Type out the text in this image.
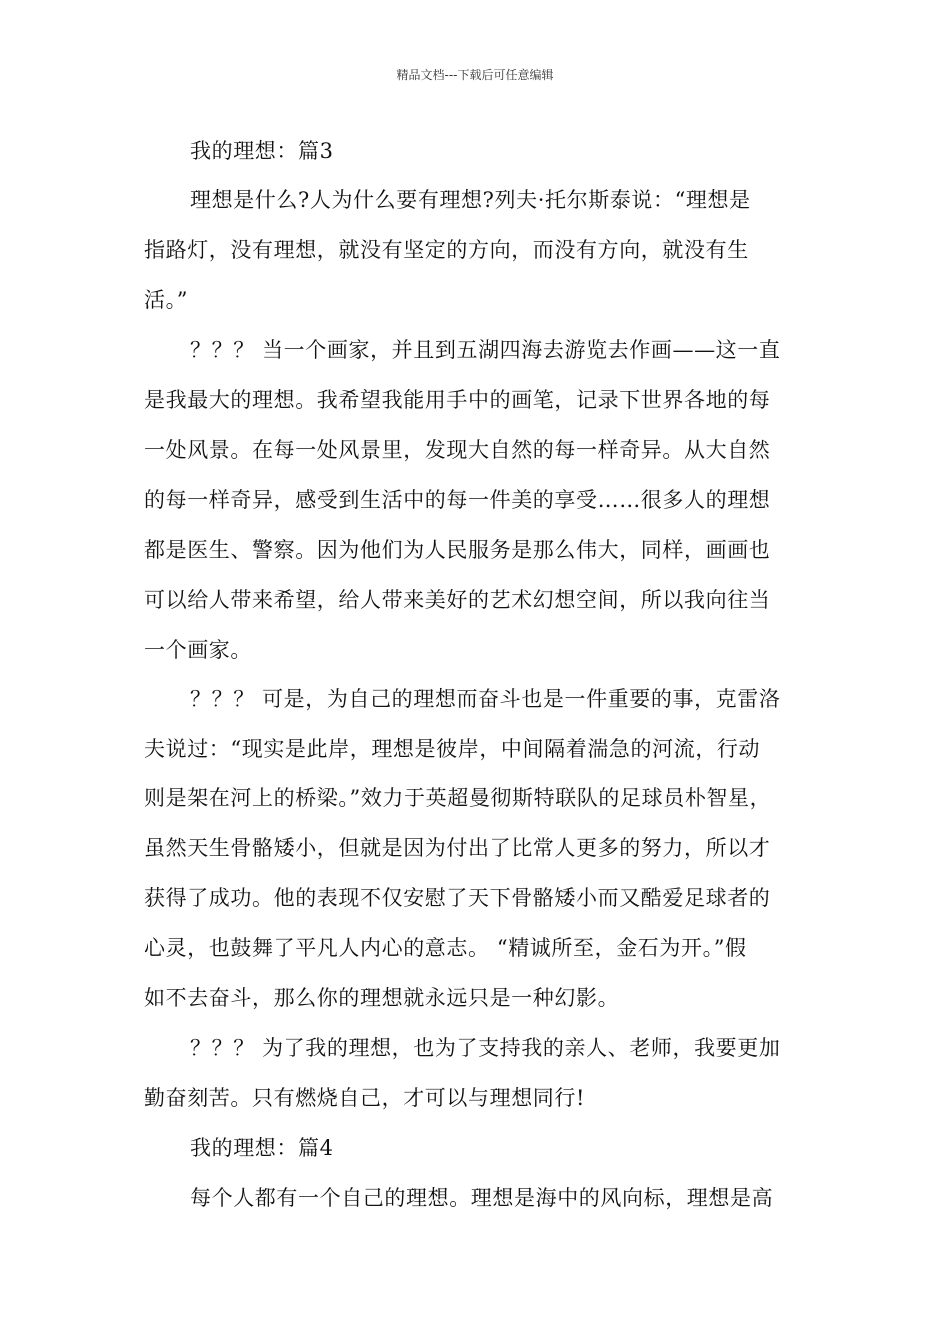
精品文档---下载后可任意编辑
我的理想：篇3
理想是什么?人为什么要有理想?列夫·托尔斯泰说：“理想是
指路灯，没有理想，就没有坚定的方向，而没有方向，就没有生
活。”
？？？ 当一个画家，并且到五湖四海去游览去作画——这一直
是我最大的理想。我希望我能用手中的画笔，记录下世界各地的每
一处风景。在每一处风景里，发现大自然的每一样奇异。从大自然
的每一样奇异，感受到生活中的每一件美的享受……很多人的理想
都是医生、警察。因为他们为人民服务是那么伟大，同样，画画也
可以给人带来希望，给人带来美好的艺术幻想空间，所以我向往当
一个画家。
？？？ 可是，为自己的理想而奋斗也是一件重要的事，克雷洛
夫说过：“现实是此岸，理想是彼岸，中间隔着湍急的河流，行动
则是架在河上的桥梁。”效力于英超曼彻斯特联队的足球员朴智星，
虽然天生骨骼矮小，但就是因为付出了比常人更多的努力，所以才
获得了成功。他的表现不仅安慰了天下骨骼矮小而又酷爱足球者的
心灵，也鼓舞了平凡人内心的意志。 “精诚所至，金石为开。”假
如不去奋斗，那么你的理想就永远只是一种幻影。
？？？ 为了我的理想，也为了支持我的亲人、老师，我要更加
勤奋刻苦。只有燃烧自己，才可以与理想同行!
我的理想：篇4
每个人都有一个自己的理想。理想是海中的风向标，理想是高
